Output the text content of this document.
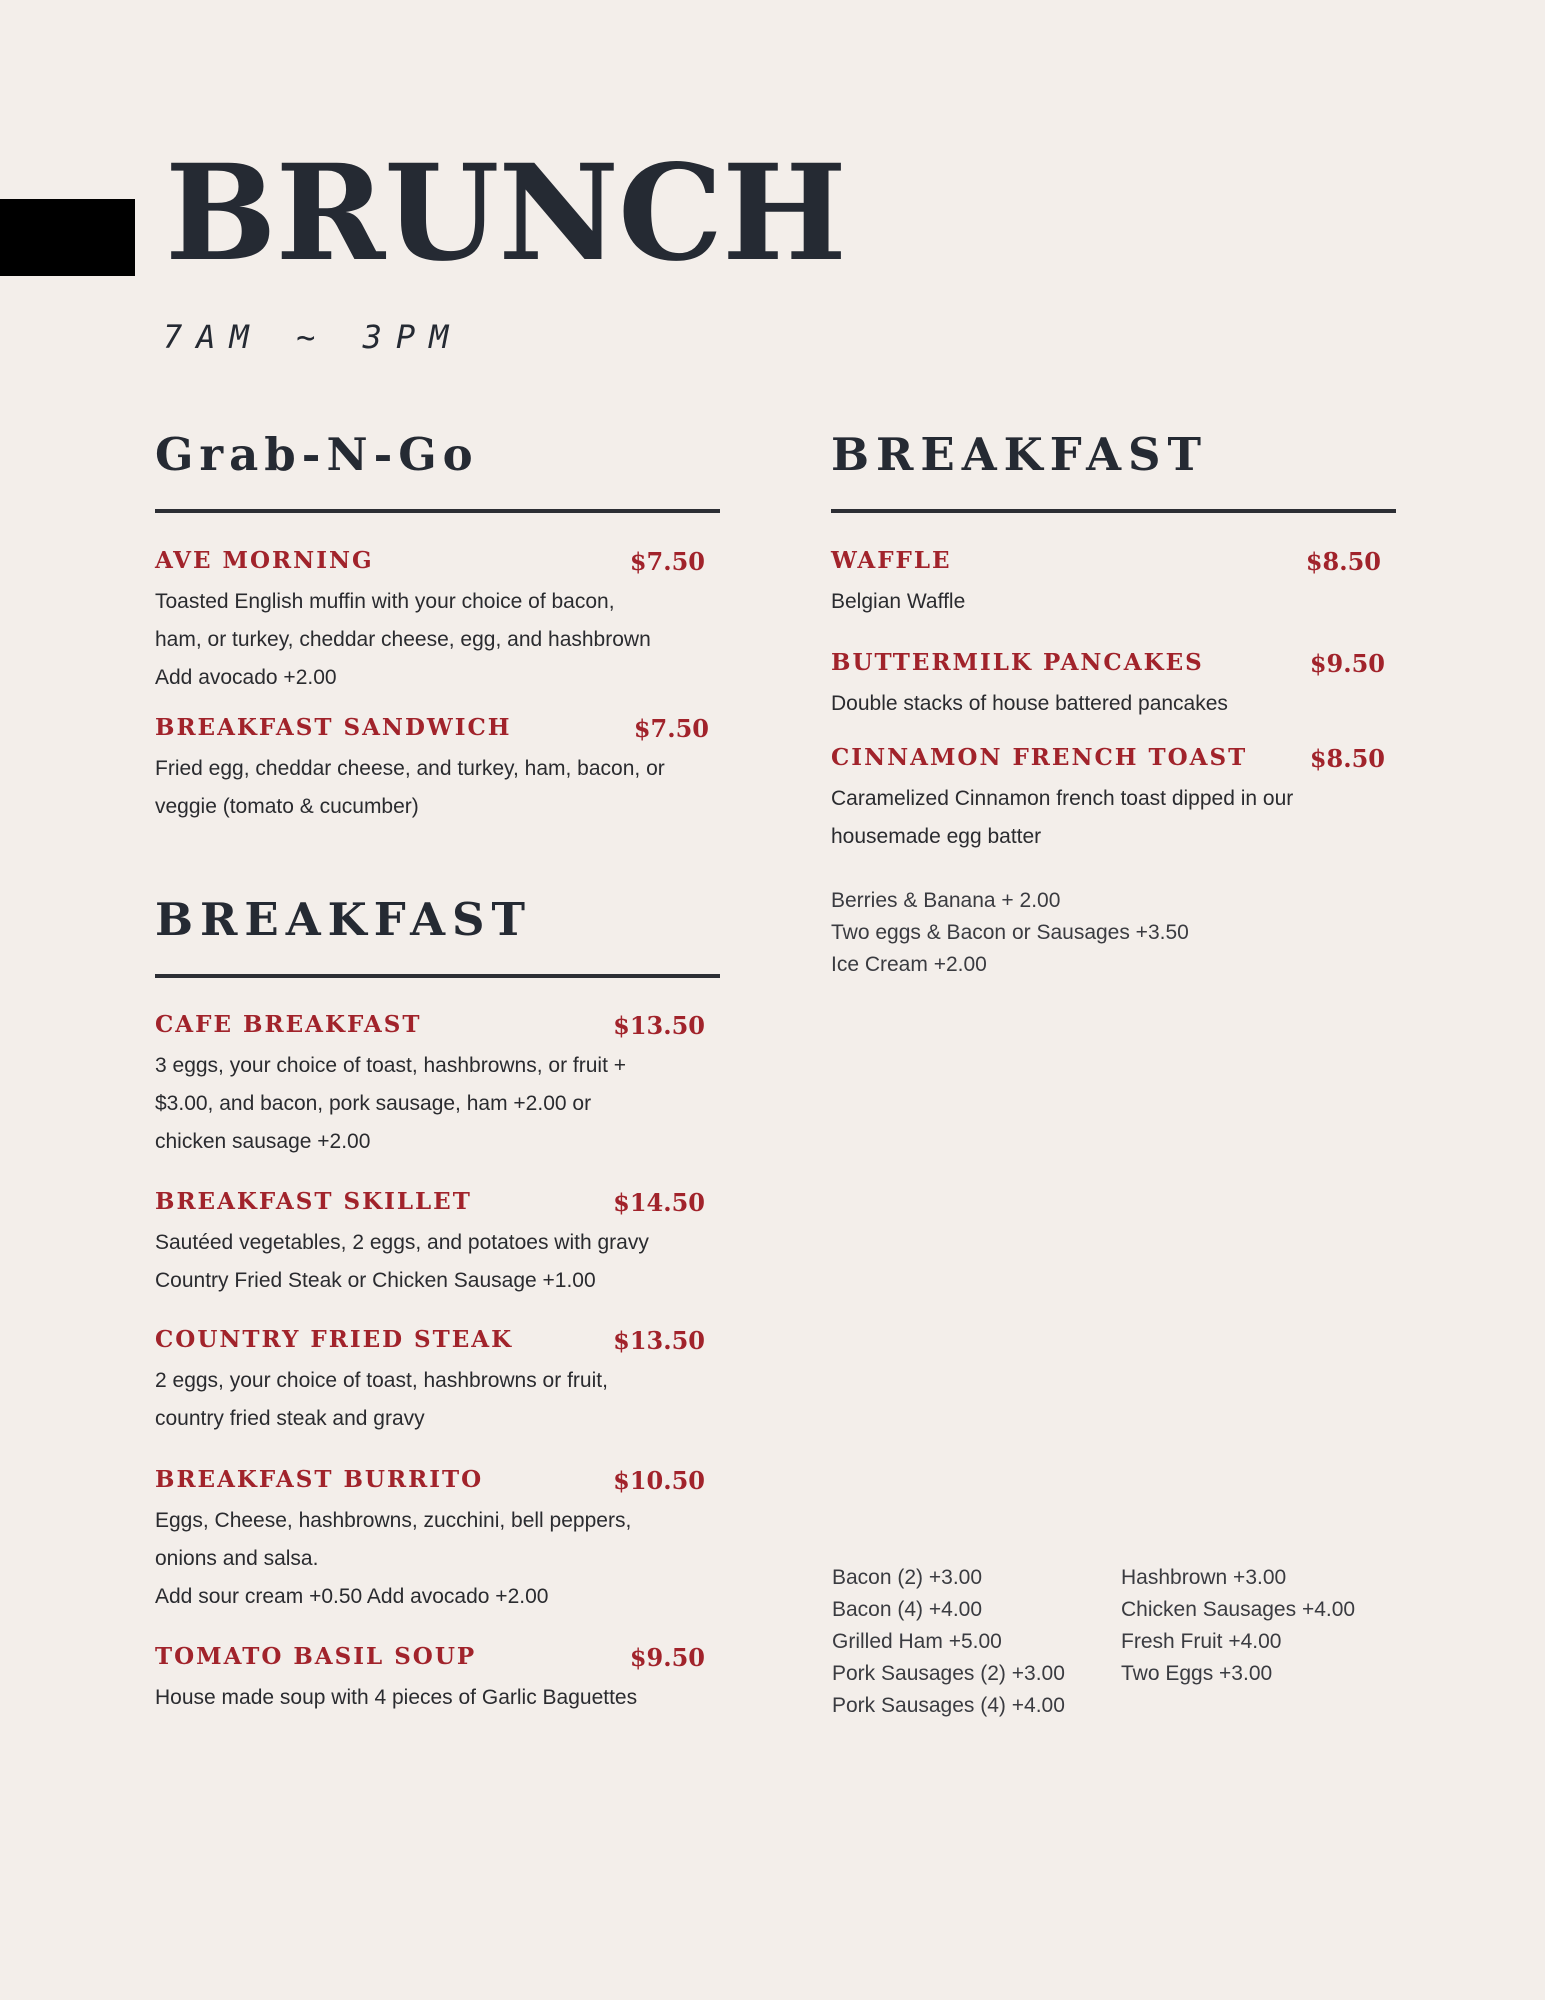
BRUNCH
7AM ~ 3PM
Grab-N-Go
AVE MORNING	$7.50
Toasted English muffin with your choice of bacon,
ham, or turkey, cheddar cheese, egg, and hashbrown
Add avocado +2.00
BREAKFAST SANDWICH	$7.50
Fried egg, cheddar cheese, and turkey, ham, bacon, or
veggie (tomato & cucumber)
BREAKFAST
CAFE BREAKFAST	$13.50
3 eggs, your choice of toast, hashbrowns, or fruit +
$3.00, and bacon, pork sausage, ham +2.00 or
chicken sausage +2.00
BREAKFAST SKILLET	$14.50
Sautéed vegetables, 2 eggs, and potatoes with gravy
Country Fried Steak or Chicken Sausage +1.00
COUNTRY FRIED STEAK	$13.50
2 eggs, your choice of toast, hashbrowns or fruit,
country fried steak and gravy
BREAKFAST BURRITO	$10.50
Eggs, Cheese, hashbrowns, zucchini, bell peppers,
onions and salsa.
Add sour cream +0.50 Add avocado +2.00
TOMATO BASIL SOUP	$9.50
House made soup with 4 pieces of Garlic Baguettes
BREAKFAST
WAFFLE	$8.50
Belgian Waffle
BUTTERMILK PANCAKES	$9.50
Double stacks of house battered pancakes
CINNAMON FRENCH TOAST	$8.50
Caramelized Cinnamon french toast dipped in our
housemade egg batter
Berries & Banana + 2.00
Two eggs & Bacon or Sausages +3.50
Ice Cream +2.00
Bacon (2) +3.00
Bacon (4) +4.00
Grilled Ham +5.00
Pork Sausages (2) +3.00
Pork Sausages (4) +4.00
Hashbrown +3.00
Chicken Sausages +4.00
Fresh Fruit +4.00
Two Eggs +3.00
